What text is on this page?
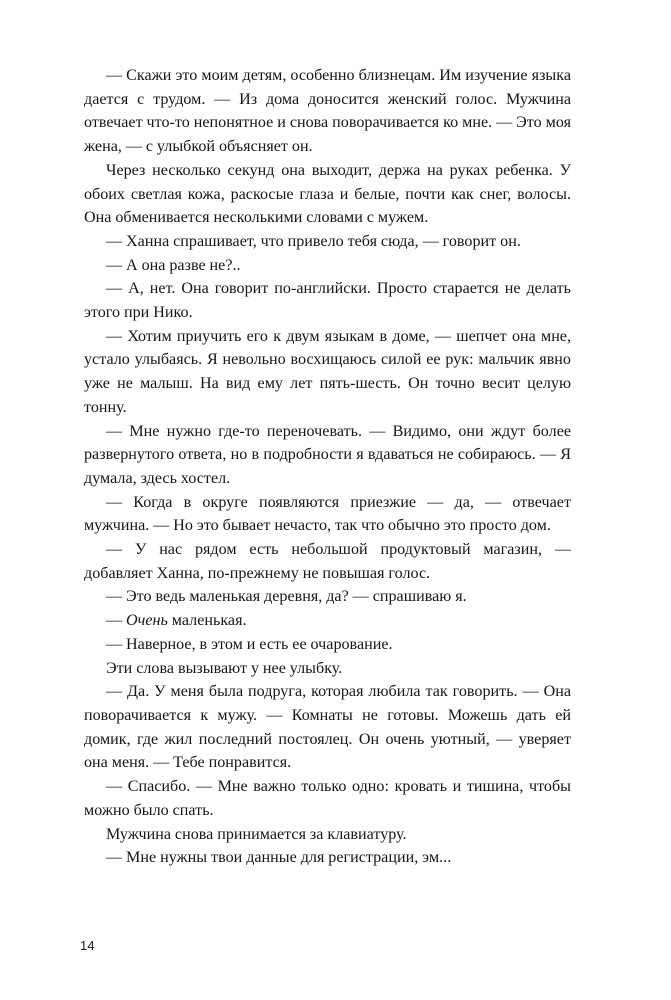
— Скажи это моим детям, особенно близнецам. Им изучение языка дается с трудом. — Из дома доносится женский голос. Мужчина отвечает что-то непонятное и снова поворачивается ко мне. — Это моя жена, — с улыбкой объясняет он.

Через несколько секунд она выходит, держа на руках ребенка. У обоих светлая кожа, раскосые глаза и белые, почти как снег, волосы. Она обменивается несколькими словами с мужем.

— Ханна спрашивает, что привело тебя сюда, — говорит он.

— А она разве не?..

— А, нет. Она говорит по-английски. Просто старается не делать этого при Нико.

— Хотим приучить его к двум языкам в доме, — шепчет она мне, устало улыбаясь. Я невольно восхищаюсь силой ее рук: мальчик явно уже не малыш. На вид ему лет пять-шесть. Он точно весит целую тонну.

— Мне нужно где-то переночевать. — Видимо, они ждут более развернутого ответа, но в подробности я вдаваться не собираюсь. — Я думала, здесь хостел.

— Когда в округе появляются приезжие — да, — отвечает мужчина. — Но это бывает нечасто, так что обычно это просто дом.

— У нас рядом есть небольшой продуктовый магазин, — добавляет Ханна, по-прежнему не повышая голос.

— Это ведь маленькая деревня, да? — спрашиваю я.

— Очень маленькая.

— Наверное, в этом и есть ее очарование.

Эти слова вызывают у нее улыбку.

— Да. У меня была подруга, которая любила так говорить. — Она поворачивается к мужу. — Комнаты не готовы. Можешь дать ей домик, где жил последний постоялец. Он очень уютный, — уверяет она меня. — Тебе понравится.

— Спасибо. — Мне важно только одно: кровать и тишина, чтобы можно было спать.

Мужчина снова принимается за клавиатуру.

— Мне нужны твои данные для регистрации, эм...

14
